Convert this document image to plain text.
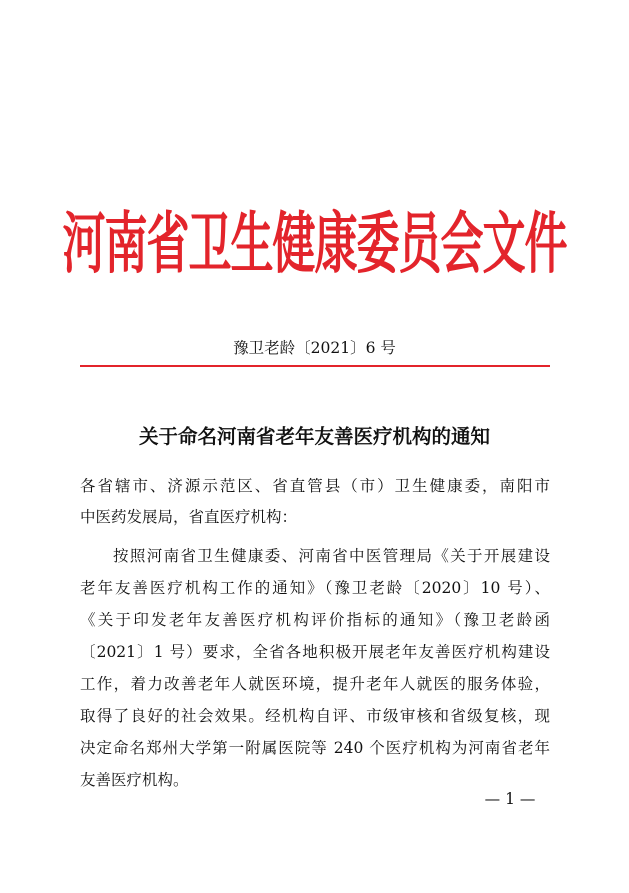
河南省卫生健康委员会文件
豫卫老龄〔2021〕6 号
关于命名河南省老年友善医疗机构的通知
各省辖市、济源示范区、省直管县（市）卫生健康委，南阳市
中医药发展局，省直医疗机构：
按照河南省卫生健康委、河南省中医管理局《关于开展建设
老年友善医疗机构工作的通知》（豫卫老龄〔2020〕10 号）、
《关于印发老年友善医疗机构评价指标的通知》（豫卫老龄函
〔2021〕1 号）要求，全省各地积极开展老年友善医疗机构建设
工作，着力改善老年人就医环境，提升老年人就医的服务体验，
取得了良好的社会效果。经机构自评、市级审核和省级复核，现
决定命名郑州大学第一附属医院等 240 个医疗机构为河南省老年
友善医疗机构。
— 1 —
